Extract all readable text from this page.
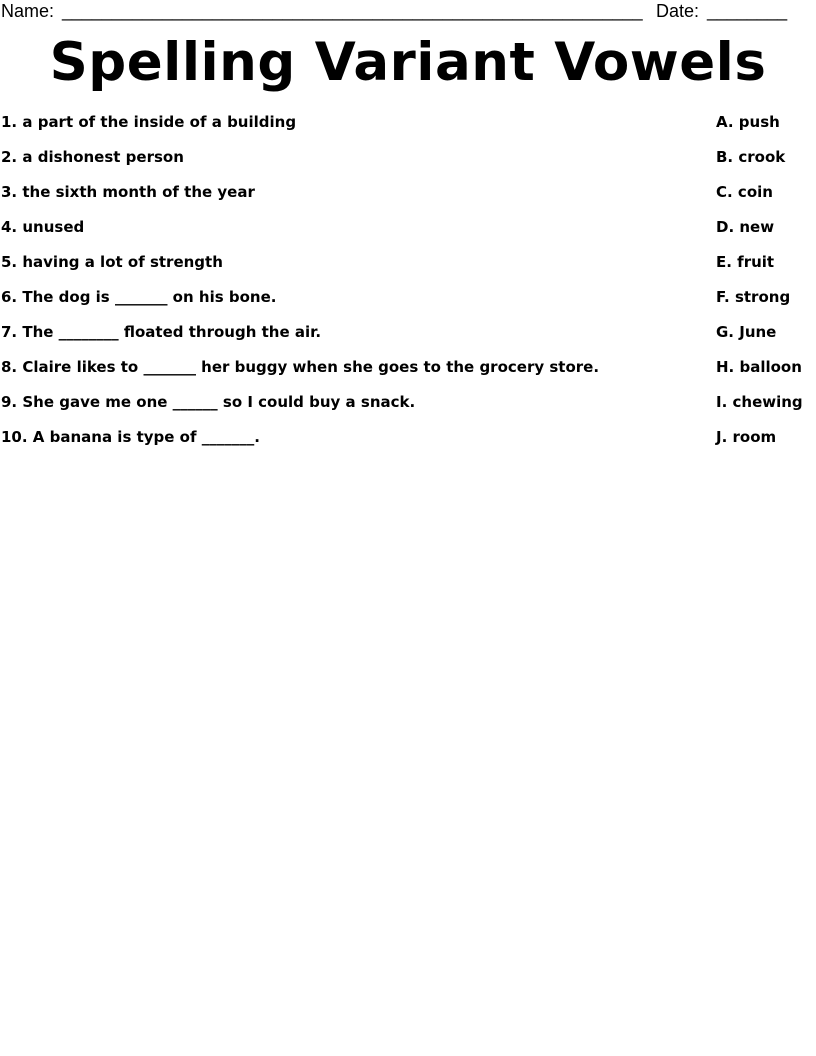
Name: __________________________________________________________ Date: ________
Spelling Variant Vowels
1. a part of the inside of a building	A. push
2. a dishonest person	B. crook
3. the sixth month of the year	C. coin
4. unused	D. new
5. having a lot of strength	E. fruit
6. The dog is _______ on his bone.	F. strong
7. The ________ floated through the air.	G. June
8. Claire likes to _______ her buggy when she goes to the grocery store.	H. balloon
9. She gave me one ______ so I could buy a snack.	I. chewing
10. A banana is type of _______.	J. room
